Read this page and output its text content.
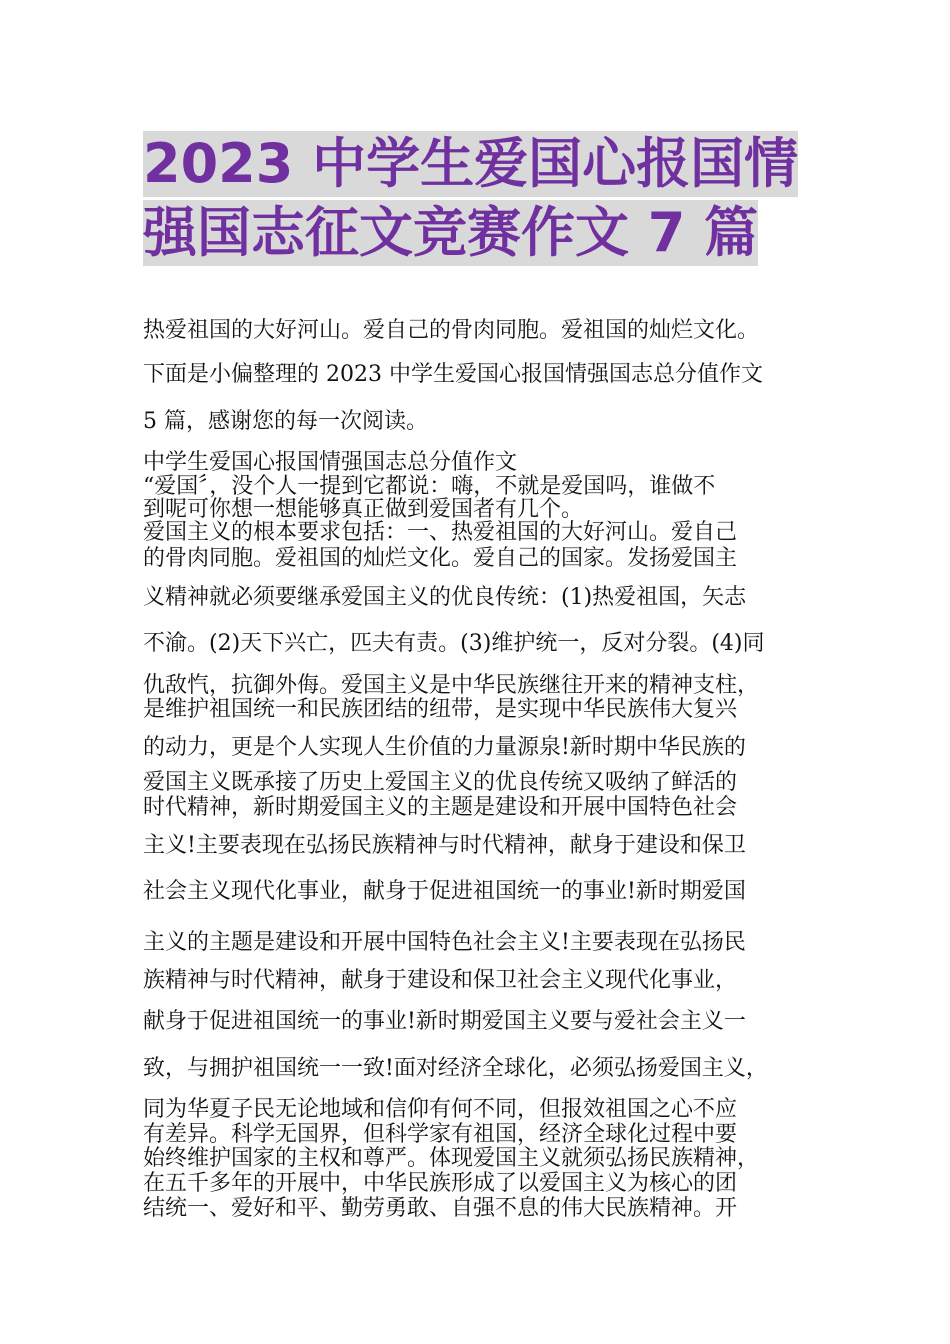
2023 中学生爱国心报国情
强国志征文竞赛作文 7 篇
热爱祖国的大好河山。爱自己的骨肉同胞。爱祖国的灿烂文化。
下面是小偏整理的 2023 中学生爱国心报国情强国志总分值作文
5 篇，感谢您的每一次阅读。
中学生爱国心报国情强国志总分值作文
“爱国〞，没个人一提到它都说：嗨，不就是爱国吗，谁做不
到呢可你想一想能够真正做到爱国者有几个。
爱国主义的根本要求包括：一、热爱祖国的大好河山。爱自己
的骨肉同胞。爱祖国的灿烂文化。爱自己的国家。发扬爱国主
义精神就必须要继承爱国主义的优良传统：(1)热爱祖国，矢志
不渝。(2)天下兴亡，匹夫有责。(3)维护统一，反对分裂。(4)同
仇敌忾，抗御外侮。爱国主义是中华民族继往开来的精神支柱，
是维护祖国统一和民族团结的纽带，是实现中华民族伟大复兴
的动力，更是个人实现人生价值的力量源泉!新时期中华民族的
爱国主义既承接了历史上爱国主义的优良传统又吸纳了鲜活的
时代精神，新时期爱国主义的主题是建设和开展中国特色社会
主义!主要表现在弘扬民族精神与时代精神，献身于建设和保卫
社会主义现代化事业，献身于促进祖国统一的事业!新时期爱国
主义的主题是建设和开展中国特色社会主义!主要表现在弘扬民
族精神与时代精神，献身于建设和保卫社会主义现代化事业，
献身于促进祖国统一的事业!新时期爱国主义要与爱社会主义一
致，与拥护祖国统一一致!面对经济全球化，必须弘扬爱国主义，
同为华夏子民无论地域和信仰有何不同，但报效祖国之心不应
有差异。科学无国界，但科学家有祖国，经济全球化过程中要
始终维护国家的主权和尊严。体现爱国主义就须弘扬民族精神，
在五千多年的开展中，中华民族形成了以爱国主义为核心的团
结统一、爱好和平、勤劳勇敢、自强不息的伟大民族精神。开
